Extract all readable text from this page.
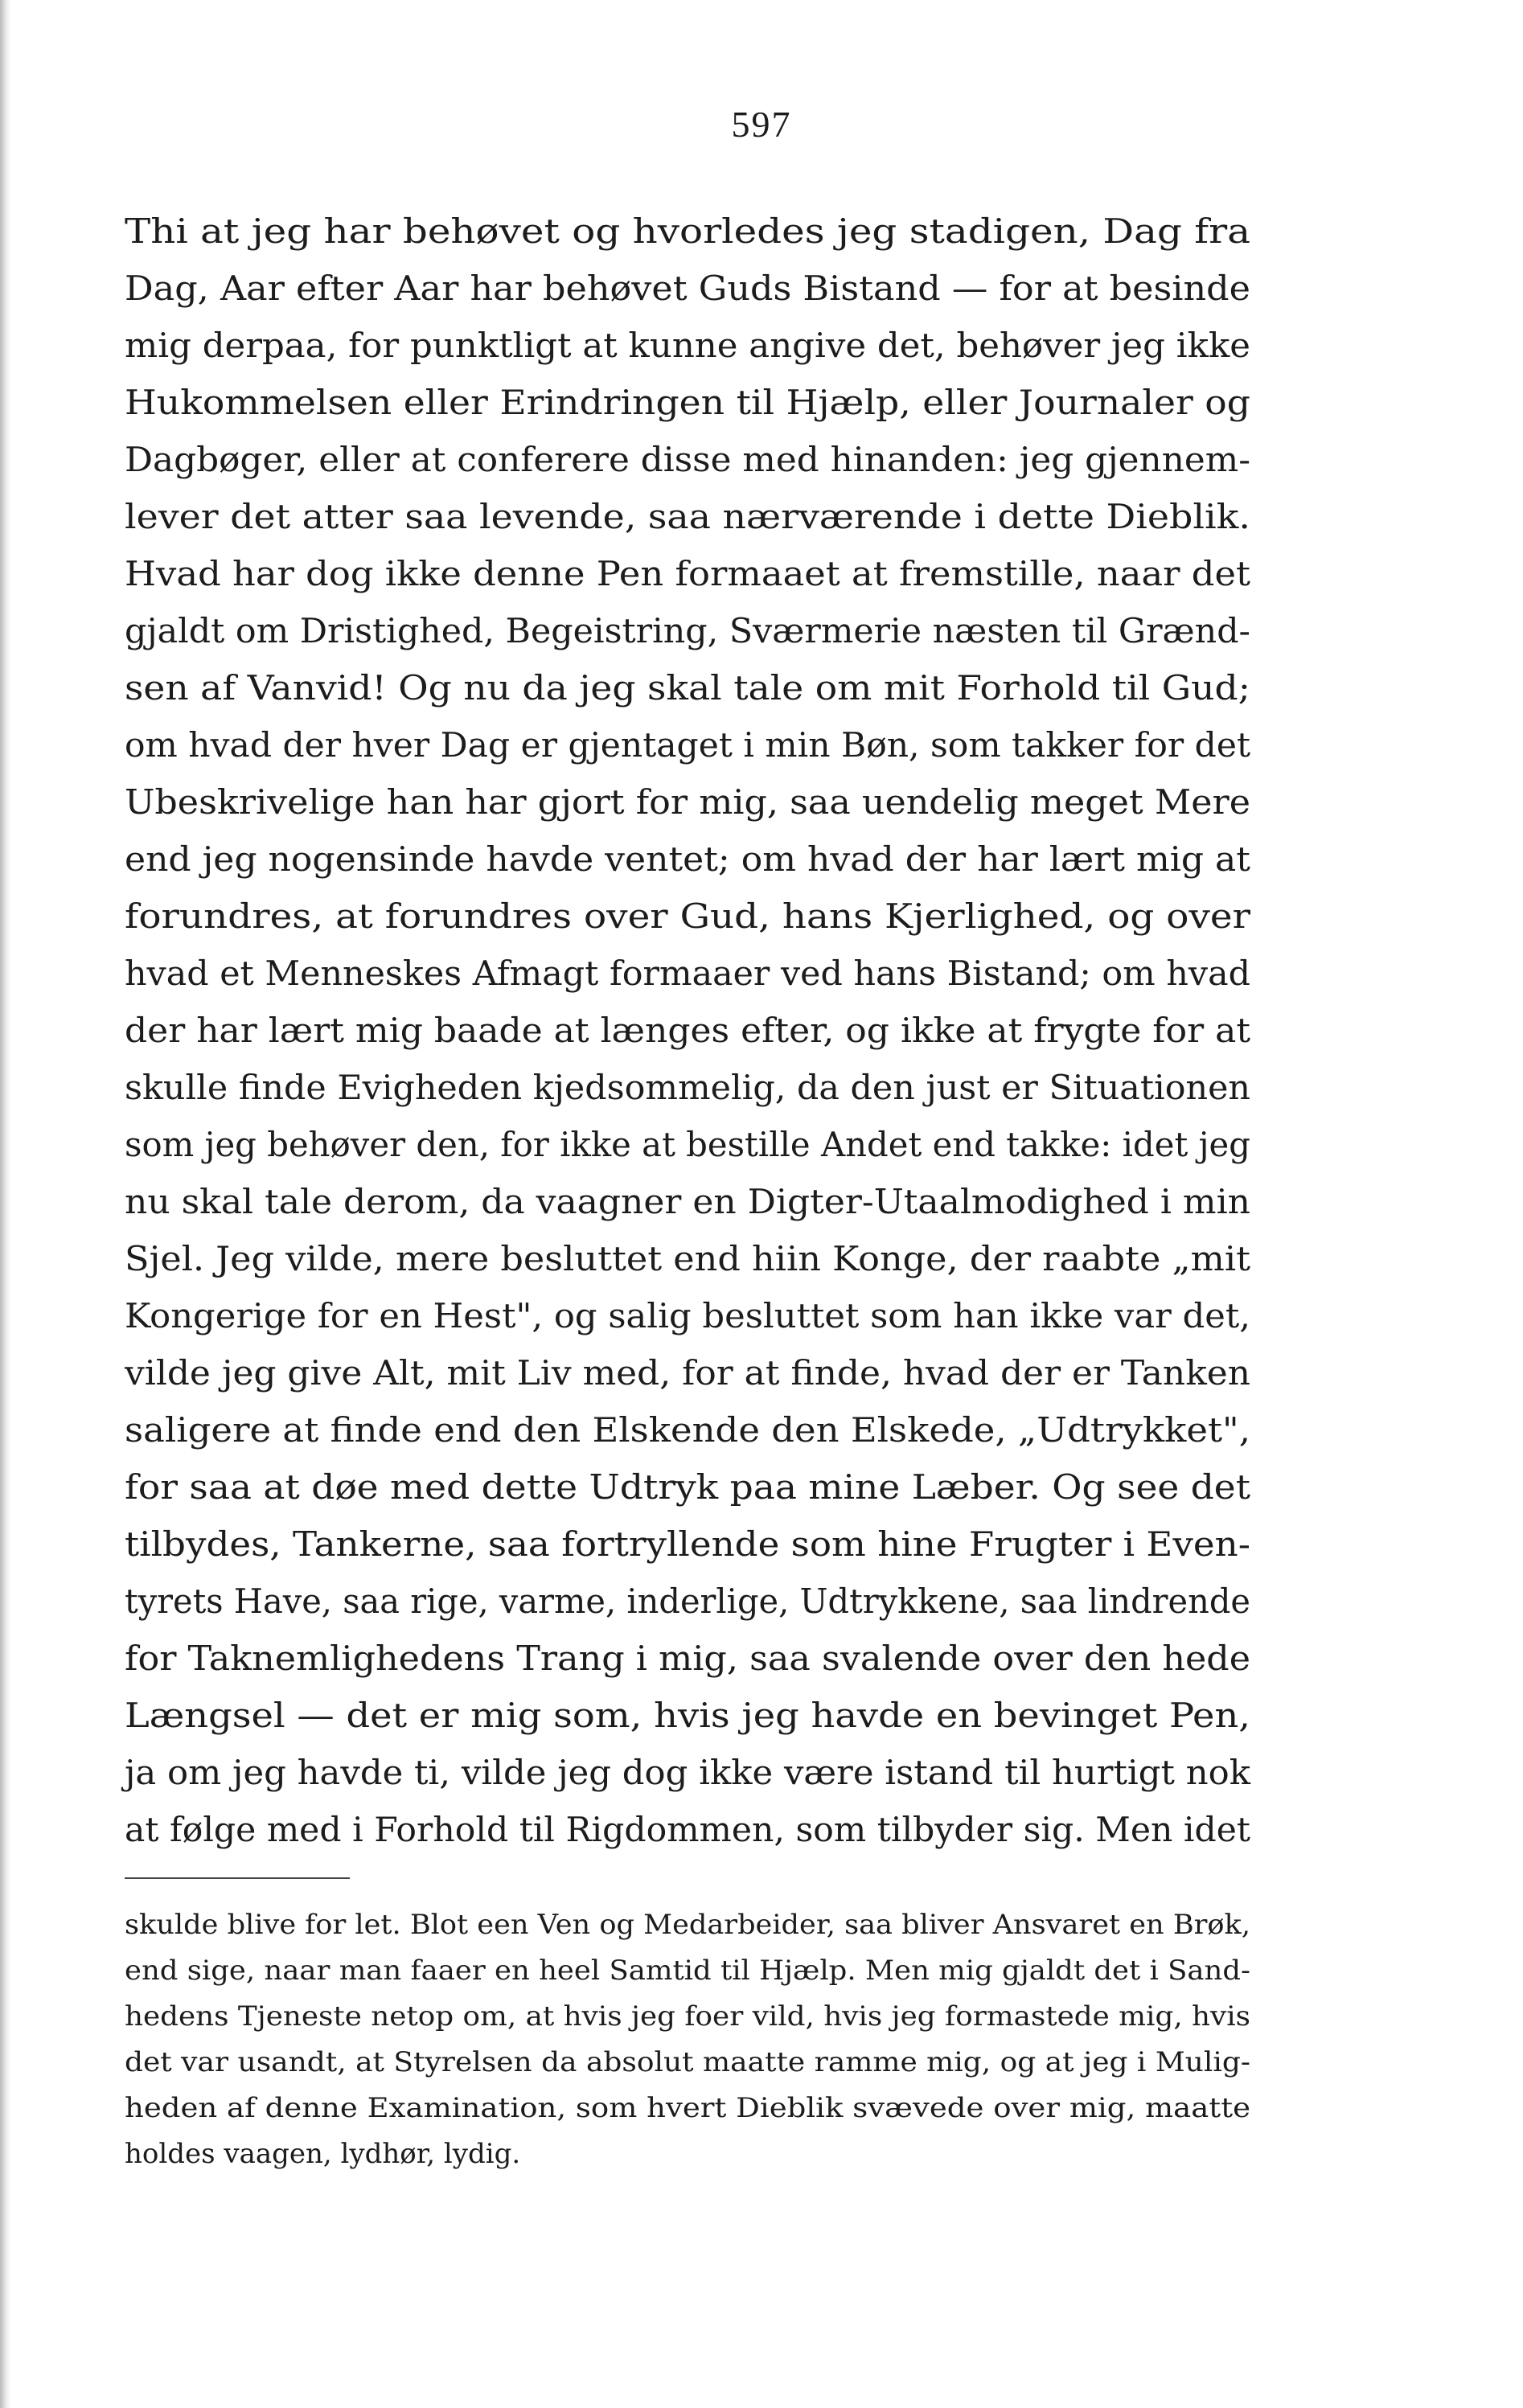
597
Thi at jeg har behøvet og hvorledes jeg stadigen, Dag fra
Dag, Aar efter Aar har behøvet Guds Bistand — for at besinde
mig derpaa, for punktligt at kunne angive det, behøver jeg ikke
Hukommelsen eller Erindringen til Hjælp, eller Journaler og
Dagbøger, eller at conferere disse med hinanden: jeg gjennem-
lever det atter saa levende, saa nærværende i dette Dieblik.
Hvad har dog ikke denne Pen formaaet at fremstille, naar det
gjaldt om Dristighed, Begeistring, Sværmerie næsten til Grænd-
sen af Vanvid! Og nu da jeg skal tale om mit Forhold til Gud;
om hvad der hver Dag er gjentaget i min Bøn, som takker for det
Ubeskrivelige han har gjort for mig, saa uendelig meget Mere
end jeg nogensinde havde ventet; om hvad der har lært mig at
forundres, at forundres over Gud, hans Kjerlighed, og over
hvad et Menneskes Afmagt formaaer ved hans Bistand; om hvad
der har lært mig baade at længes efter, og ikke at frygte for at
skulle finde Evigheden kjedsommelig, da den just er Situationen
som jeg behøver den, for ikke at bestille Andet end takke: idet jeg
nu skal tale derom, da vaagner en Digter-Utaalmodighed i min
Sjel. Jeg vilde, mere besluttet end hiin Konge, der raabte „mit
Kongerige for en Hest", og salig besluttet som han ikke var det,
vilde jeg give Alt, mit Liv med, for at finde, hvad der er Tanken
saligere at finde end den Elskende den Elskede, „Udtrykket",
for saa at døe med dette Udtryk paa mine Læber. Og see det
tilbydes, Tankerne, saa fortryllende som hine Frugter i Even-
tyrets Have, saa rige, varme, inderlige, Udtrykkene, saa lindrende
for Taknemlighedens Trang i mig, saa svalende over den hede
Længsel — det er mig som, hvis jeg havde en bevinget Pen,
ja om jeg havde ti, vilde jeg dog ikke være istand til hurtigt nok
at følge med i Forhold til Rigdommen, som tilbyder sig. Men idet
skulde blive for let. Blot een Ven og Medarbeider, saa bliver Ansvaret en Brøk,
end sige, naar man faaer en heel Samtid til Hjælp. Men mig gjaldt det i Sand-
hedens Tjeneste netop om, at hvis jeg foer vild, hvis jeg formastede mig, hvis
det var usandt, at Styrelsen da absolut maatte ramme mig, og at jeg i Mulig-
heden af denne Examination, som hvert Dieblik svævede over mig, maatte
holdes vaagen, lydhør, lydig.
